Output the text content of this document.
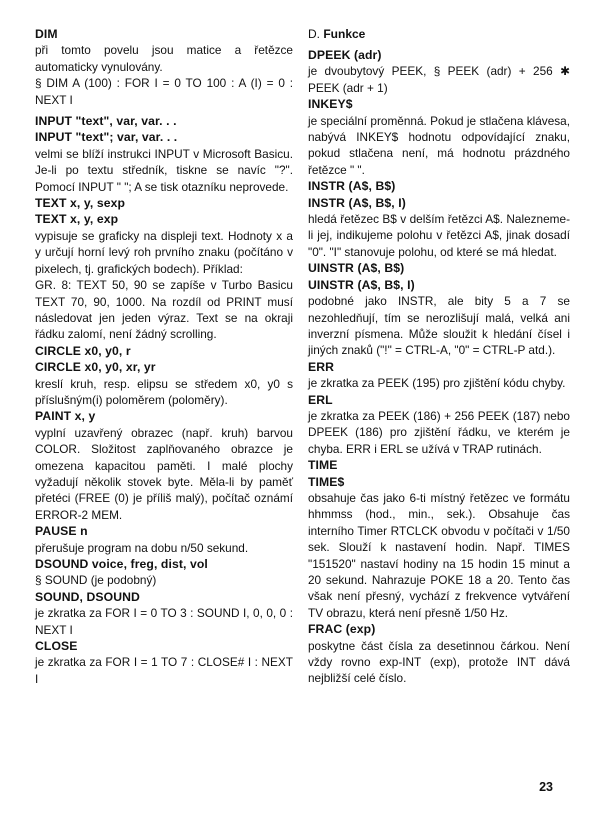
DIM
při tomto povelu jsou matice a řetězce automaticky vynulovány.
§ DIM A (100) : FOR I = 0 TO 100 : A (I) = 0 : NEXT I
INPUT "text", var, var. . .
INPUT "text"; var, var. . .
velmi se blíží instrukci INPUT v Microsoft Basicu. Je-li po textu středník, tiskne se navíc "?". Pomocí INPUT " "; A se tisk otazníku neprovede.
TEXT x, y, sexp
TEXT x, y, exp
vypisuje se graficky na displeji text. Hodnoty x a y určují horní levý roh prvního znaku (počítáno v pixelech, tj. grafických bodech). Příklad:
GR. 8: TEXT 50, 90 se zapíše v Turbo Basicu TEXT 70, 90, 1000. Na rozdíl od PRINT musí následovat jen jeden výraz. Text se na okraji řádku zalomí, není žádný scrolling.
CIRCLE x0, y0, r
CIRCLE x0, y0, xr, yr
kreslí kruh, resp. elipsu se středem x0, y0 s příslušným(i) poloměrem (poloměry).
PAINT x, y
vyplní uzavřený obrazec (např. kruh) barvou COLOR. Složitost zaplňovaného obrazce je omezena kapacitou paměti. I malé plochy vyžadují několik stovek byte. Měla-li by paměť přetéci (FREE (0) je příliš malý), počítač oznámí ERROR-2 MEM.
PAUSE n
přerušuje program na dobu n/50 sekund.
DSOUND voice, freg, dist, vol
§ SOUND (je podobný)
SOUND, DSOUND
je zkratka za FOR I = 0 TO 3 : SOUND I, 0, 0, 0 : NEXT I
CLOSE
je zkratka za FOR I = 1 TO 7 : CLOSE# I : NEXT I
D. Funkce
DPEEK (adr)
je dvoubytový PEEK, § PEEK (adr) + 256 ✱ PEEK (adr + 1)
INKEY$
je speciální proměnná. Pokud je stlačena klávesa, nabývá INKEY$ hodnotu odpovídající znaku, pokud stlačena není, má hodnotu prázdného řetězce " ".
INSTR (A$, B$)
INSTR (A$, B$, I)
hledá řetězec B$ v delším řetězci A$. Nalezneme-li jej, indikujeme polohu v řetězci A$, jinak dosadí "0". "I" stanovuje polohu, od které se má hledat.
UINSTR (A$, B$)
UINSTR (A$, B$, I)
podobné jako INSTR, ale bity 5 a 7 se nezohledňují, tím se nerozlišují malá, velká ani inverzní písmena. Může sloužit k hledání čísel i jiných znaků ("!" = CTRL-A, "0" = CTRL-P atd.).
ERR
je zkratka za PEEK (195) pro zjištění kódu chyby.
ERL
je zkratka za PEEK (186) + 256 PEEK (187) nebo DPEEK (186) pro zjištění řádku, ve kterém je chyba. ERR i ERL se užívá v TRAP rutinách.
TIME
TIME$
obsahuje čas jako 6-ti místný řetězec ve formátu hhmmss (hod., min., sek.). Obsahuje čas interního Timer RTCLCK obvodu v počítači v 1/50 sek. Slouží k nastavení hodin. Např. TIMES "151520" nastaví hodiny na 15 hodin 15 minut a 20 sekund. Nahrazuje POKE 18 a 20. Tento čas však není přesný, vychází z frekvence vytváření TV obrazu, která není přesně 1/50 Hz.
FRAC (exp)
poskytne část čísla za desetinnou čárkou. Není vždy rovno exp-INT (exp), protože INT dává nejbližší celé číslo.
23
